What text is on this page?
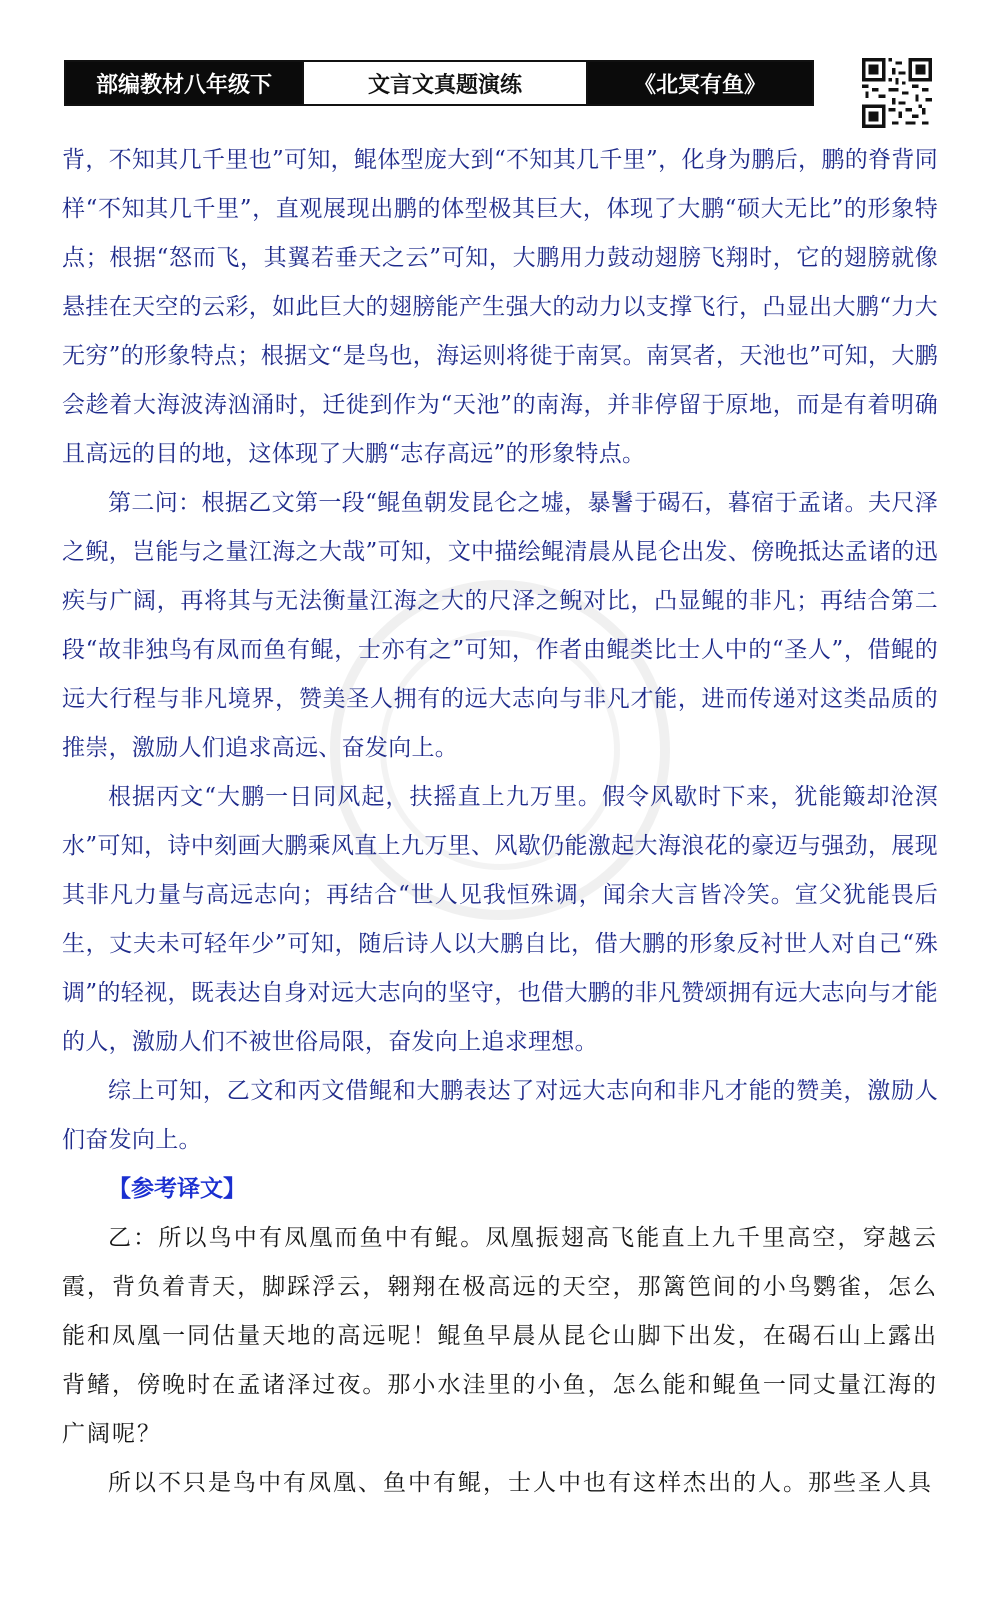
部编教材八年级下	文言文真题演练	《北冥有鱼》

背，不知其几千里也”可知，鲲体型庞大到“不知其几千里”，化身为鹏后，鹏的脊背同样“不知其几千里”，直观展现出鹏的体型极其巨大，体现了大鹏“硕大无比”的形象特点；根据“怒而飞，其翼若垂天之云”可知，大鹏用力鼓动翅膀飞翔时，它的翅膀就像悬挂在天空的云彩，如此巨大的翅膀能产生强大的动力以支撑飞行，凸显出大鹏“力大无穷”的形象特点；根据文“是鸟也，海运则将徙于南冥。南冥者，天池也”可知，大鹏会趁着大海波涛汹涌时，迁徙到作为“天池”的南海，并非停留于原地，而是有着明确且高远的目的地，这体现了大鹏“志存高远”的形象特点。

第二问：根据乙文第一段“鲲鱼朝发昆仑之墟，暴鬐于碣石，暮宿于孟诸。夫尺泽之鲵，岂能与之量江海之大哉”可知，文中描绘鲲清晨从昆仑出发、傍晚抵达孟诸的迅疾与广阔，再将其与无法衡量江海之大的尺泽之鲵对比，凸显鲲的非凡；再结合第二段“故非独鸟有凤而鱼有鲲，士亦有之”可知，作者由鲲类比士人中的“圣人”，借鲲的远大行程与非凡境界，赞美圣人拥有的远大志向与非凡才能，进而传递对这类品质的推崇，激励人们追求高远、奋发向上。

根据丙文“大鹏一日同风起，扶摇直上九万里。假令风歇时下来，犹能簸却沧溟水”可知，诗中刻画大鹏乘风直上九万里、风歇仍能激起大海浪花的豪迈与强劲，展现其非凡力量与高远志向；再结合“世人见我恒殊调，闻余大言皆冷笑。宣父犹能畏后生，丈夫未可轻年少”可知，随后诗人以大鹏自比，借大鹏的形象反衬世人对自己“殊调”的轻视，既表达自身对远大志向的坚守，也借大鹏的非凡赞颂拥有远大志向与才能的人，激励人们不被世俗局限，奋发向上追求理想。

综上可知，乙文和丙文借鲲和大鹏表达了对远大志向和非凡才能的赞美，激励人们奋发向上。

【参考译文】

乙：所以鸟中有凤凰而鱼中有鲲。凤凰振翅高飞能直上九千里高空，穿越云霞，背负着青天，脚踩浮云，翱翔在极高远的天空，那篱笆间的小鸟鹦雀，怎么能和凤凰一同估量天地的高远呢！鲲鱼早晨从昆仑山脚下出发，在碣石山上露出背鳍，傍晚时在孟诸泽过夜。那小水洼里的小鱼，怎么能和鲲鱼一同丈量江海的广阔呢？

所以不只是鸟中有凤凰、鱼中有鲲，士人中也有这样杰出的人。那些圣人具
